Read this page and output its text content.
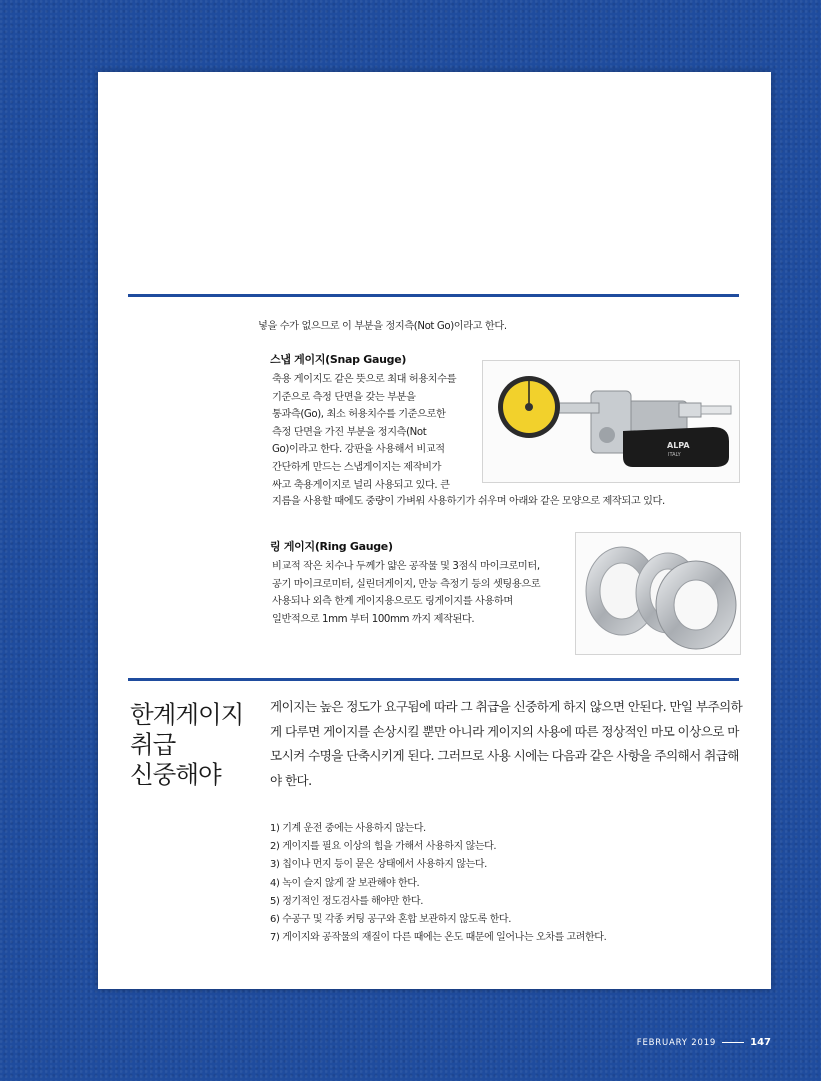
넣을 수가 없으므로 이 부분을 정지측(Not Go)이라고 한다.
스냅 게이지(Snap Gauge)
축용 게이지도 같은 뜻으로 최대 허용치수를
기준으로 측정 단면을 갖는 부분을
통과측(Go), 최소 허용치수를 기준으로한
측정 단면을 가진 부분을 정지측(Not
Go)이라고 한다. 강판을 사용해서 비교적
간단하게 만드는 스냅게이지는 제작비가
싸고 축용게이지로 널리 사용되고 있다. 큰
지름을 사용할 때에도 중량이 가벼워 사용하기가 쉬우며 아래와 같은 모양으로 제작되고 있다.
ALPA
ITALY
링 게이지(Ring Gauge)
비교적 작은 치수나 두께가 얇은 공작물 및 3점식 마이크로미터,
공기 마이크로미터, 실린더게이지, 만능 측정기 등의 셋팅용으로
사용되나 외측 한계 게이지용으로도 링게이지를 사용하며
일반적으로 1mm 부터 100mm 까지 제작된다.
한계게이지
취급
신중해야
게이지는 높은 정도가 요구됨에 따라 그 취급을 신중하게 하지 않으면 안된다. 만일 부주의하게 다루면 게이지를 손상시킬 뿐만 아니라 게이지의 사용에 따른 정상적인 마모 이상으로 마모시켜 수명을 단축시키게 된다. 그러므로 사용 시에는 다음과 같은 사항을 주의해서 취급해야 한다.
1) 기계 운전 중에는 사용하지 않는다.
2) 게이지를 필요 이상의 힘을 가해서 사용하지 않는다.
3) 칩이나 먼지 등이 묻은 상태에서 사용하지 않는다.
4) 녹이 슬지 않게 잘 보관해야 한다.
5) 정기적인 정도검사를 해야만 한다.
6) 수공구 및 각종 커팅 공구와 혼합 보관하지 않도록 한다.
7) 게이지와 공작물의 재질이 다른 때에는 온도 때문에 일어나는 오차를 고려한다.
FEBRUARY 2019	147
